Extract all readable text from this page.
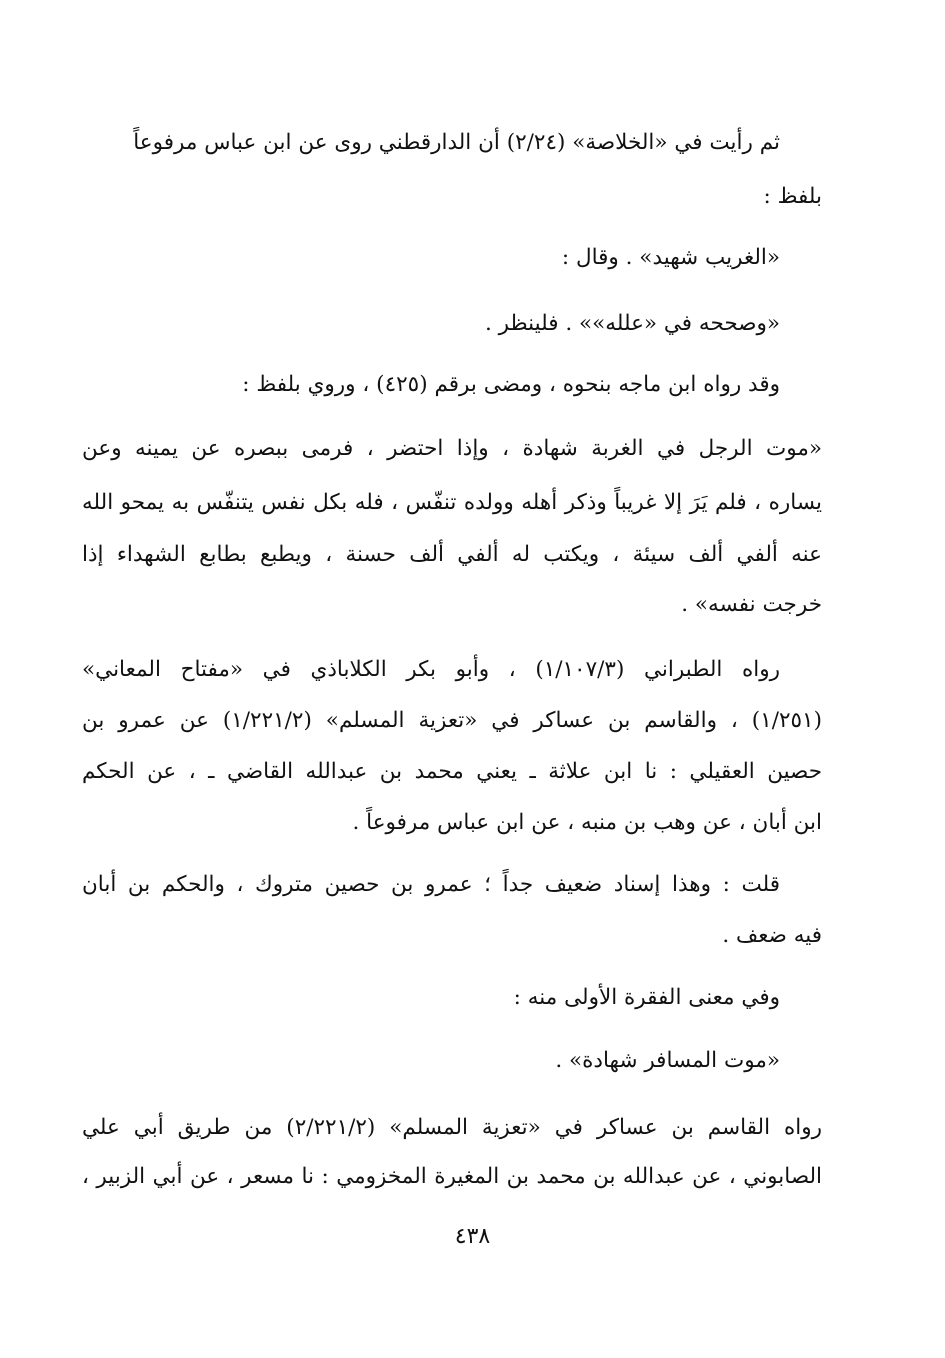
ثم رأيت في «الخلاصة» (٢/٢٤) أن الدارقطني روى عن ابن عباس مرفوعاً
بلفظ :
«الغريب شهيد» . وقال :
«وصححه في «علله»» . فلينظر .
وقد رواه ابن ماجه بنحوه ، ومضى برقم (٤٢٥) ، وروي بلفظ :
«موت الرجل في الغربة شهادة ، وإذا احتضر ، فرمى ببصره عن يمينه وعن
يساره ، فلم يَرَ إلا غريباً وذكر أهله وولده تنفّس ، فله بكل نفس يتنفّس به يمحو الله
عنه ألفي ألف سيئة ، ويكتب له ألفي ألف حسنة ، ويطبع بطابع الشهداء إذا
خرجت نفسه» .
رواه الطبراني (١/١٠٧/٣) ، وأبو بكر الكلاباذي في «مفتاح المعاني»
(١/٢٥١) ، والقاسم بن عساكر في «تعزية المسلم» (١/٢٢١/٢) عن عمرو بن
حصين العقيلي : نا ابن علاثة ـ يعني محمد بن عبدالله القاضي ـ ، عن الحكم
ابن أبان ، عن وهب بن منبه ، عن ابن عباس مرفوعاً .
قلت : وهذا إسناد ضعيف جداً ؛ عمرو بن حصين متروك ، والحكم بن أبان
فيه ضعف .
وفي معنى الفقرة الأولى منه :
«موت المسافر شهادة» .
رواه القاسم بن عساكر في «تعزية المسلم» (٢/٢٢١/٢) من طريق أبي علي
الصابوني ، عن عبدالله بن محمد بن المغيرة المخزومي : نا مسعر ، عن أبي الزبير ،
٤٣٨
